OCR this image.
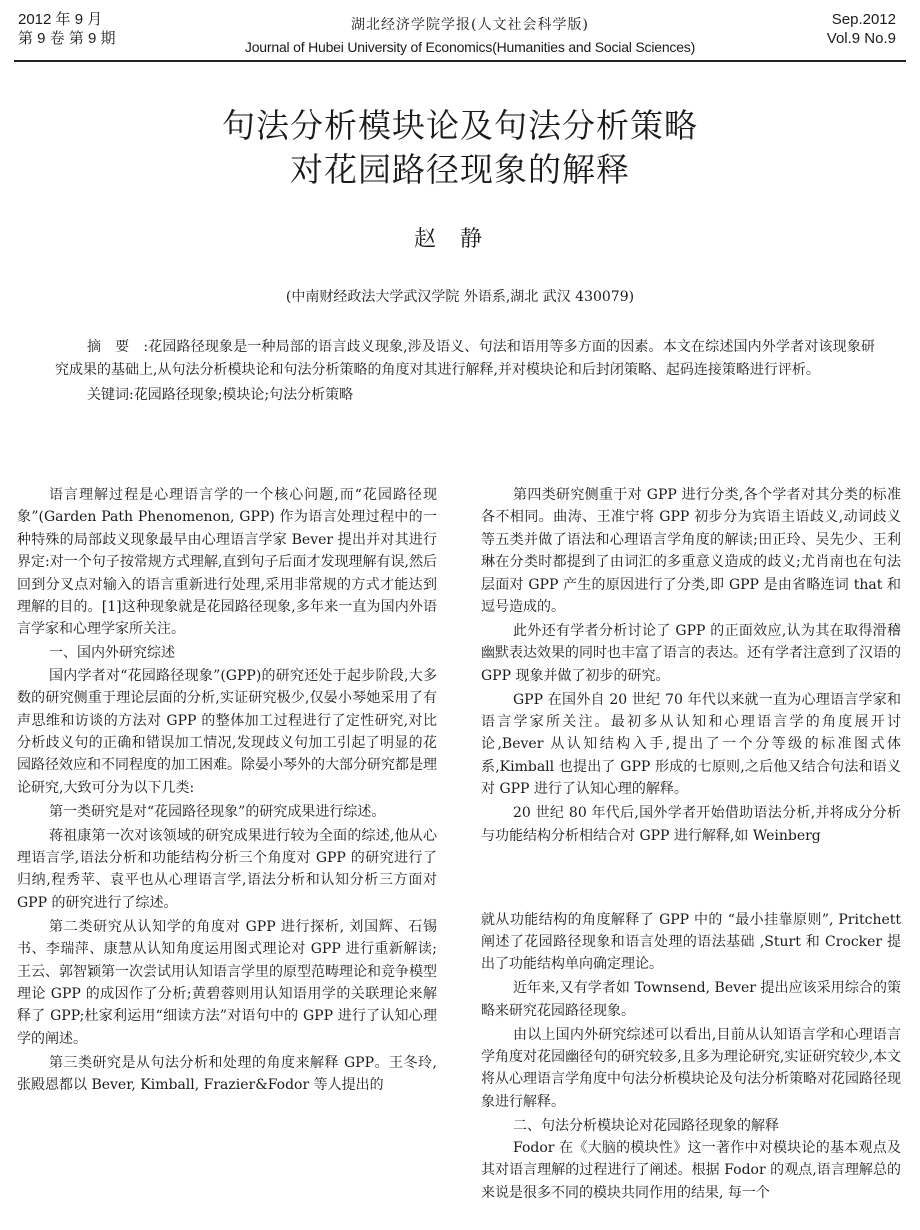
2012 年 9 月
第 9 卷 第 9 期
湖北经济学院学报(人文社会科学版)
Journal of Hubei University of Economics(Humanities and Social Sciences)
Sep.2012
Vol.9 No.9
句法分析模块论及句法分析策略
对花园路径现象的解释
赵静
(中南财经政法大学武汉学院 外语系,湖北 武汉 430079)

摘要:花园路径现象是一种局部的语言歧义现象,涉及语义、句法和语用等多方面的因素。本文在综述国内外学者对该现象研究成果的基础上,从句法分析模块论和句法分析策略的角度对其进行解释,并对模块论和后封闭策略、起码连接策略进行评析。

关键词:花园路径现象;模块论;句法分析策略

语言理解过程是心理语言学的一个核心问题,而“花园路径现象”(Garden Path Phenomenon, GPP) 作为语言处理过程中的一种特殊的局部歧义现象最早由心理语言学家 Bever 提出并对其进行界定:对一个句子按常规方式理解,直到句子后面才发现理解有误,然后回到分叉点对输入的语言重新进行处理,采用非常规的方式才能达到理解的目的。[1]这种现象就是花园路径现象,多年来一直为国内外语言学家和心理学家所关注。

一、国内外研究综述

国内学者对“花园路径现象”(GPP)的研究还处于起步阶段,大多数的研究侧重于理论层面的分析,实证研究极少,仅晏小琴她采用了有声思维和访谈的方法对 GPP 的整体加工过程进行了定性研究,对比分析歧义句的正确和错误加工情况,发现歧义句加工引起了明显的花园路径效应和不同程度的加工困难。除晏小琴外的大部分研究都是理论研究,大致可分为以下几类:

第一类研究是对“花园路径现象”的研究成果进行综述。

蒋祖康第一次对该领域的研究成果进行较为全面的综述,他从心理语言学,语法分析和功能结构分析三个角度对 GPP 的研究进行了归纳,程秀苹、袁平也从心理语言学,语法分析和认知分析三方面对 GPP 的研究进行了综述。

第二类研究从认知学的角度对 GPP 进行探析, 刘国辉、石锡书、李瑞萍、康慧从认知角度运用图式理论对 GPP 进行重新解读;王云、郭智颖第一次尝试用认知语言学里的原型范畴理论和竞争模型理论 GPP 的成因作了分析;黄碧蓉则用认知语用学的关联理论来解释了 GPP;杜家利运用“细读方法”对语句中的 GPP 进行了认知心理学的阐述。

第三类研究是从句法分析和处理的角度来解释 GPP。王冬玲, 张殿恩都以 Bever, Kimball, Frazier&Fodor 等人提出的

第四类研究侧重于对 GPP 进行分类,各个学者对其分类的标准各不相同。曲涛、王准宁将 GPP 初步分为宾语主语歧义,动词歧义等五类并做了语法和心理语言学角度的解读;田正玲、吴先少、王利琳在分类时都提到了由词汇的多重意义造成的歧义;尤肖南也在句法层面对 GPP 产生的原因进行了分类,即 GPP 是由省略连词 that 和逗号造成的。

此外还有学者分析讨论了 GPP 的正面效应,认为其在取得滑稽幽默表达效果的同时也丰富了语言的表达。还有学者注意到了汉语的 GPP 现象并做了初步的研究。

GPP 在国外自 20 世纪 70 年代以来就一直为心理语言学家和语言学家所关注。最初多从认知和心理语言学的角度展开讨论,Bever 从认知结构入手,提出了一个分等级的标准图式体系,Kimball 也提出了 GPP 形成的七原则,之后他又结合句法和语义对 GPP 进行了认知心理的解释。

20 世纪 80 年代后,国外学者开始借助语法分析,并将成分分析与功能结构分析相结合对 GPP 进行解释,如 Weinberg

就从功能结构的角度解释了 GPP 中的 “最小挂靠原则”, Pritchett 阐述了花园路径现象和语言处理的语法基础 ,Sturt 和 Crocker 提出了功能结构单向确定理论。

近年来,又有学者如 Townsend, Bever 提出应该采用综合的策略来研究花园路径现象。

由以上国内外研究综述可以看出,目前从认知语言学和心理语言学角度对花园幽径句的研究较多,且多为理论研究,实证研究较少,本文将从心理语言学角度中句法分析模块论及句法分析策略对花园路径现象进行解释。

二、句法分析模块论对花园路径现象的解释

Fodor 在《大脑的模块性》这一著作中对模块论的基本观点及其对语言理解的过程进行了阐述。根据 Fodor 的观点,语言理解总的来说是很多不同的模块共同作用的结果, 每一个
